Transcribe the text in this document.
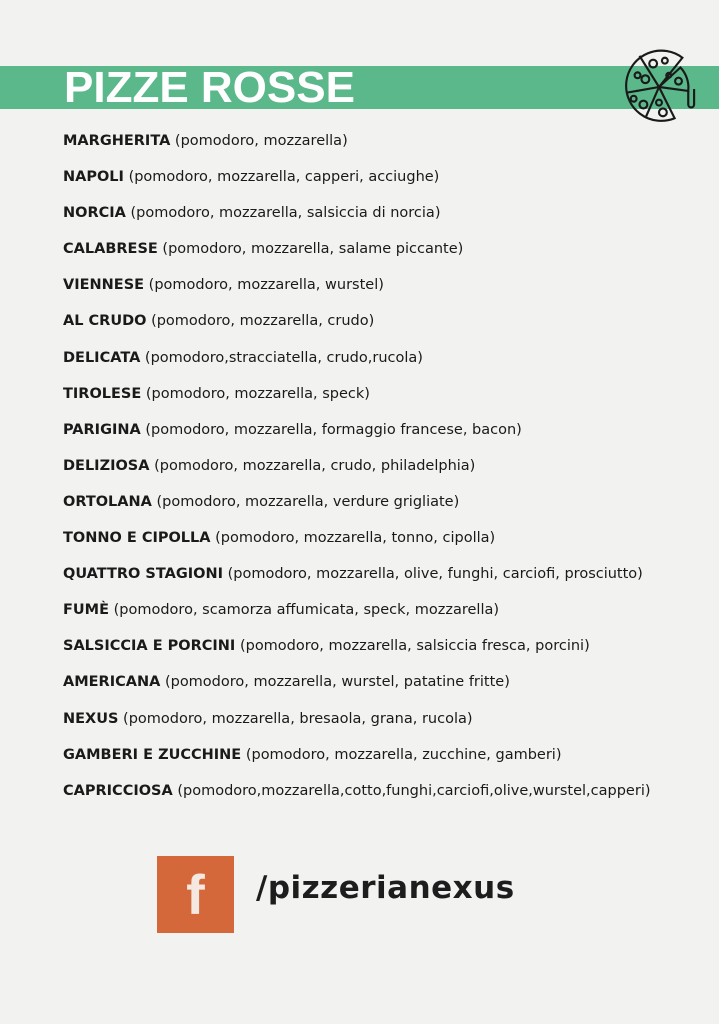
PIZZE ROSSE
MARGHERITA (pomodoro, mozzarella)
NAPOLI (pomodoro, mozzarella, capperi, acciughe)
NORCIA (pomodoro, mozzarella, salsiccia di norcia)
CALABRESE (pomodoro, mozzarella, salame piccante)
VIENNESE (pomodoro, mozzarella, wurstel)
AL CRUDO (pomodoro, mozzarella, crudo)
DELICATA (pomodoro,stracciatella, crudo,rucola)
TIROLESE (pomodoro, mozzarella, speck)
PARIGINA (pomodoro, mozzarella, formaggio francese, bacon)
DELIZIOSA (pomodoro, mozzarella, crudo, philadelphia)
ORTOLANA (pomodoro, mozzarella, verdure grigliate)
TONNO E CIPOLLA (pomodoro, mozzarella, tonno, cipolla)
QUATTRO STAGIONI (pomodoro, mozzarella, olive, funghi, carciofi, prosciutto)
FUMÈ (pomodoro, scamorza affumicata, speck, mozzarella)
SALSICCIA E PORCINI (pomodoro, mozzarella, salsiccia fresca, porcini)
AMERICANA (pomodoro, mozzarella, wurstel, patatine fritte)
NEXUS (pomodoro, mozzarella, bresaola, grana, rucola)
GAMBERI E ZUCCHINE (pomodoro, mozzarella, zucchine, gamberi)
CAPRICCIOSA (pomodoro,mozzarella,cotto,funghi,carciofi,olive,wurstel,capperi)
f	/pizzerianexus
